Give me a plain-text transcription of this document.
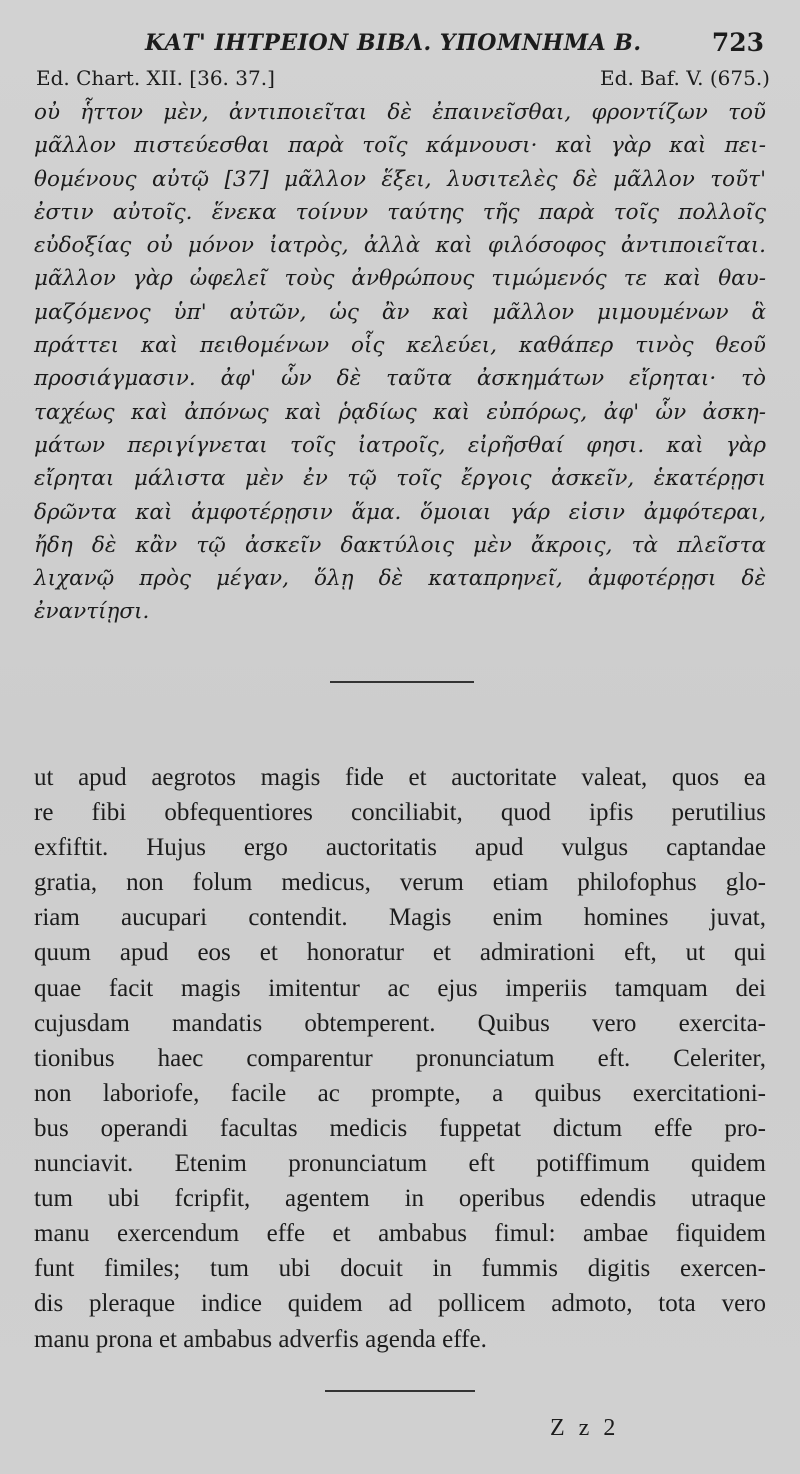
ΚΑΤ' ΙΗΤΡΕΙΟΝ ΒΙΒΛ. ΥΠΟΜΝΗΜΑ Β.	723
Ed. Chart. XII. [36. 37.]	Ed. Baf. V. (675.)
οὐ ἧττον μὲν, ἀντιποιεῖται δὲ ἐπαινεῖσθαι, φροντίζων τοῦ
μᾶλλον πιστεύεσθαι παρὰ τοῖς κάμνουσι· καὶ γὰρ καὶ πει-
θομένους αὐτῷ [37] μᾶλλον ἕξει, λυσιτελὲς δὲ μᾶλλον τοῦτ'
ἐστιν αὐτοῖς. ἕνεκα τοίνυν ταύτης τῆς παρὰ τοῖς πολλοῖς
εὐδοξίας οὐ μόνον ἰατρὸς, ἀλλὰ καὶ φιλόσοφος ἀντιποιεῖται.
μᾶλλον γὰρ ὠφελεῖ τοὺς ἀνθρώπους τιμώμενός τε καὶ θαυ-
μαζόμενος ὑπ' αὐτῶν, ὡς ἂν καὶ μᾶλλον μιμουμένων ἃ
πράττει καὶ πειθομένων οἷς κελεύει, καθάπερ τινὸς θεοῦ
προσιάγμασιν. ἀφ' ὧν δὲ ταῦτα ἀσκημάτων εἴρηται· τὸ
ταχέως καὶ ἀπόνως καὶ ῥᾳδίως καὶ εὐπόρως, ἀφ' ὧν ἀσκη-
μάτων περιγίγνεται τοῖς ἰατροῖς, εἰρῆσθαί φησι. καὶ γὰρ
εἴρηται μάλιστα μὲν ἐν τῷ τοῖς ἔργοις ἀσκεῖν, ἑκατέρῃσι
δρῶντα καὶ ἀμφοτέρῃσιν ἅμα. ὅμοιαι γάρ εἰσιν ἀμφότεραι,
ἤδη δὲ κἂν τῷ ἀσκεῖν δακτύλοις μὲν ἄκροις, τὰ πλεῖστα
λιχανῷ πρὸς μέγαν, ὅλῃ δὲ καταπρηνεῖ, ἀμφοτέρῃσι δὲ
ἐναντίῃσι.
ut apud aegrotos magis fide et auctoritate valeat, quos ea
re fibi obfequentiores conciliabit, quod ipfis perutilius
exfiftit. Hujus ergo auctoritatis apud vulgus captandae
gratia, non folum medicus, verum etiam philofophus glo-
riam aucupari contendit. Magis enim homines juvat,
quum apud eos et honoratur et admirationi eft, ut qui
quae facit magis imitentur ac ejus imperiis tamquam dei
cujusdam mandatis obtemperent. Quibus vero exercita-
tionibus haec comparentur pronunciatum eft. Celeriter,
non laboriofe, facile ac prompte, a quibus exercitationi-
bus operandi facultas medicis fuppetat dictum effe pro-
nunciavit. Etenim pronunciatum eft potiffimum quidem
tum ubi fcripfit, agentem in operibus edendis utraque
manu exercendum effe et ambabus fimul: ambae fiquidem
funt fimiles; tum ubi docuit in fummis digitis exercen-
dis pleraque indice quidem ad pollicem admoto, tota vero
manu prona et ambabus adverfis agenda effe.
Z z 2
